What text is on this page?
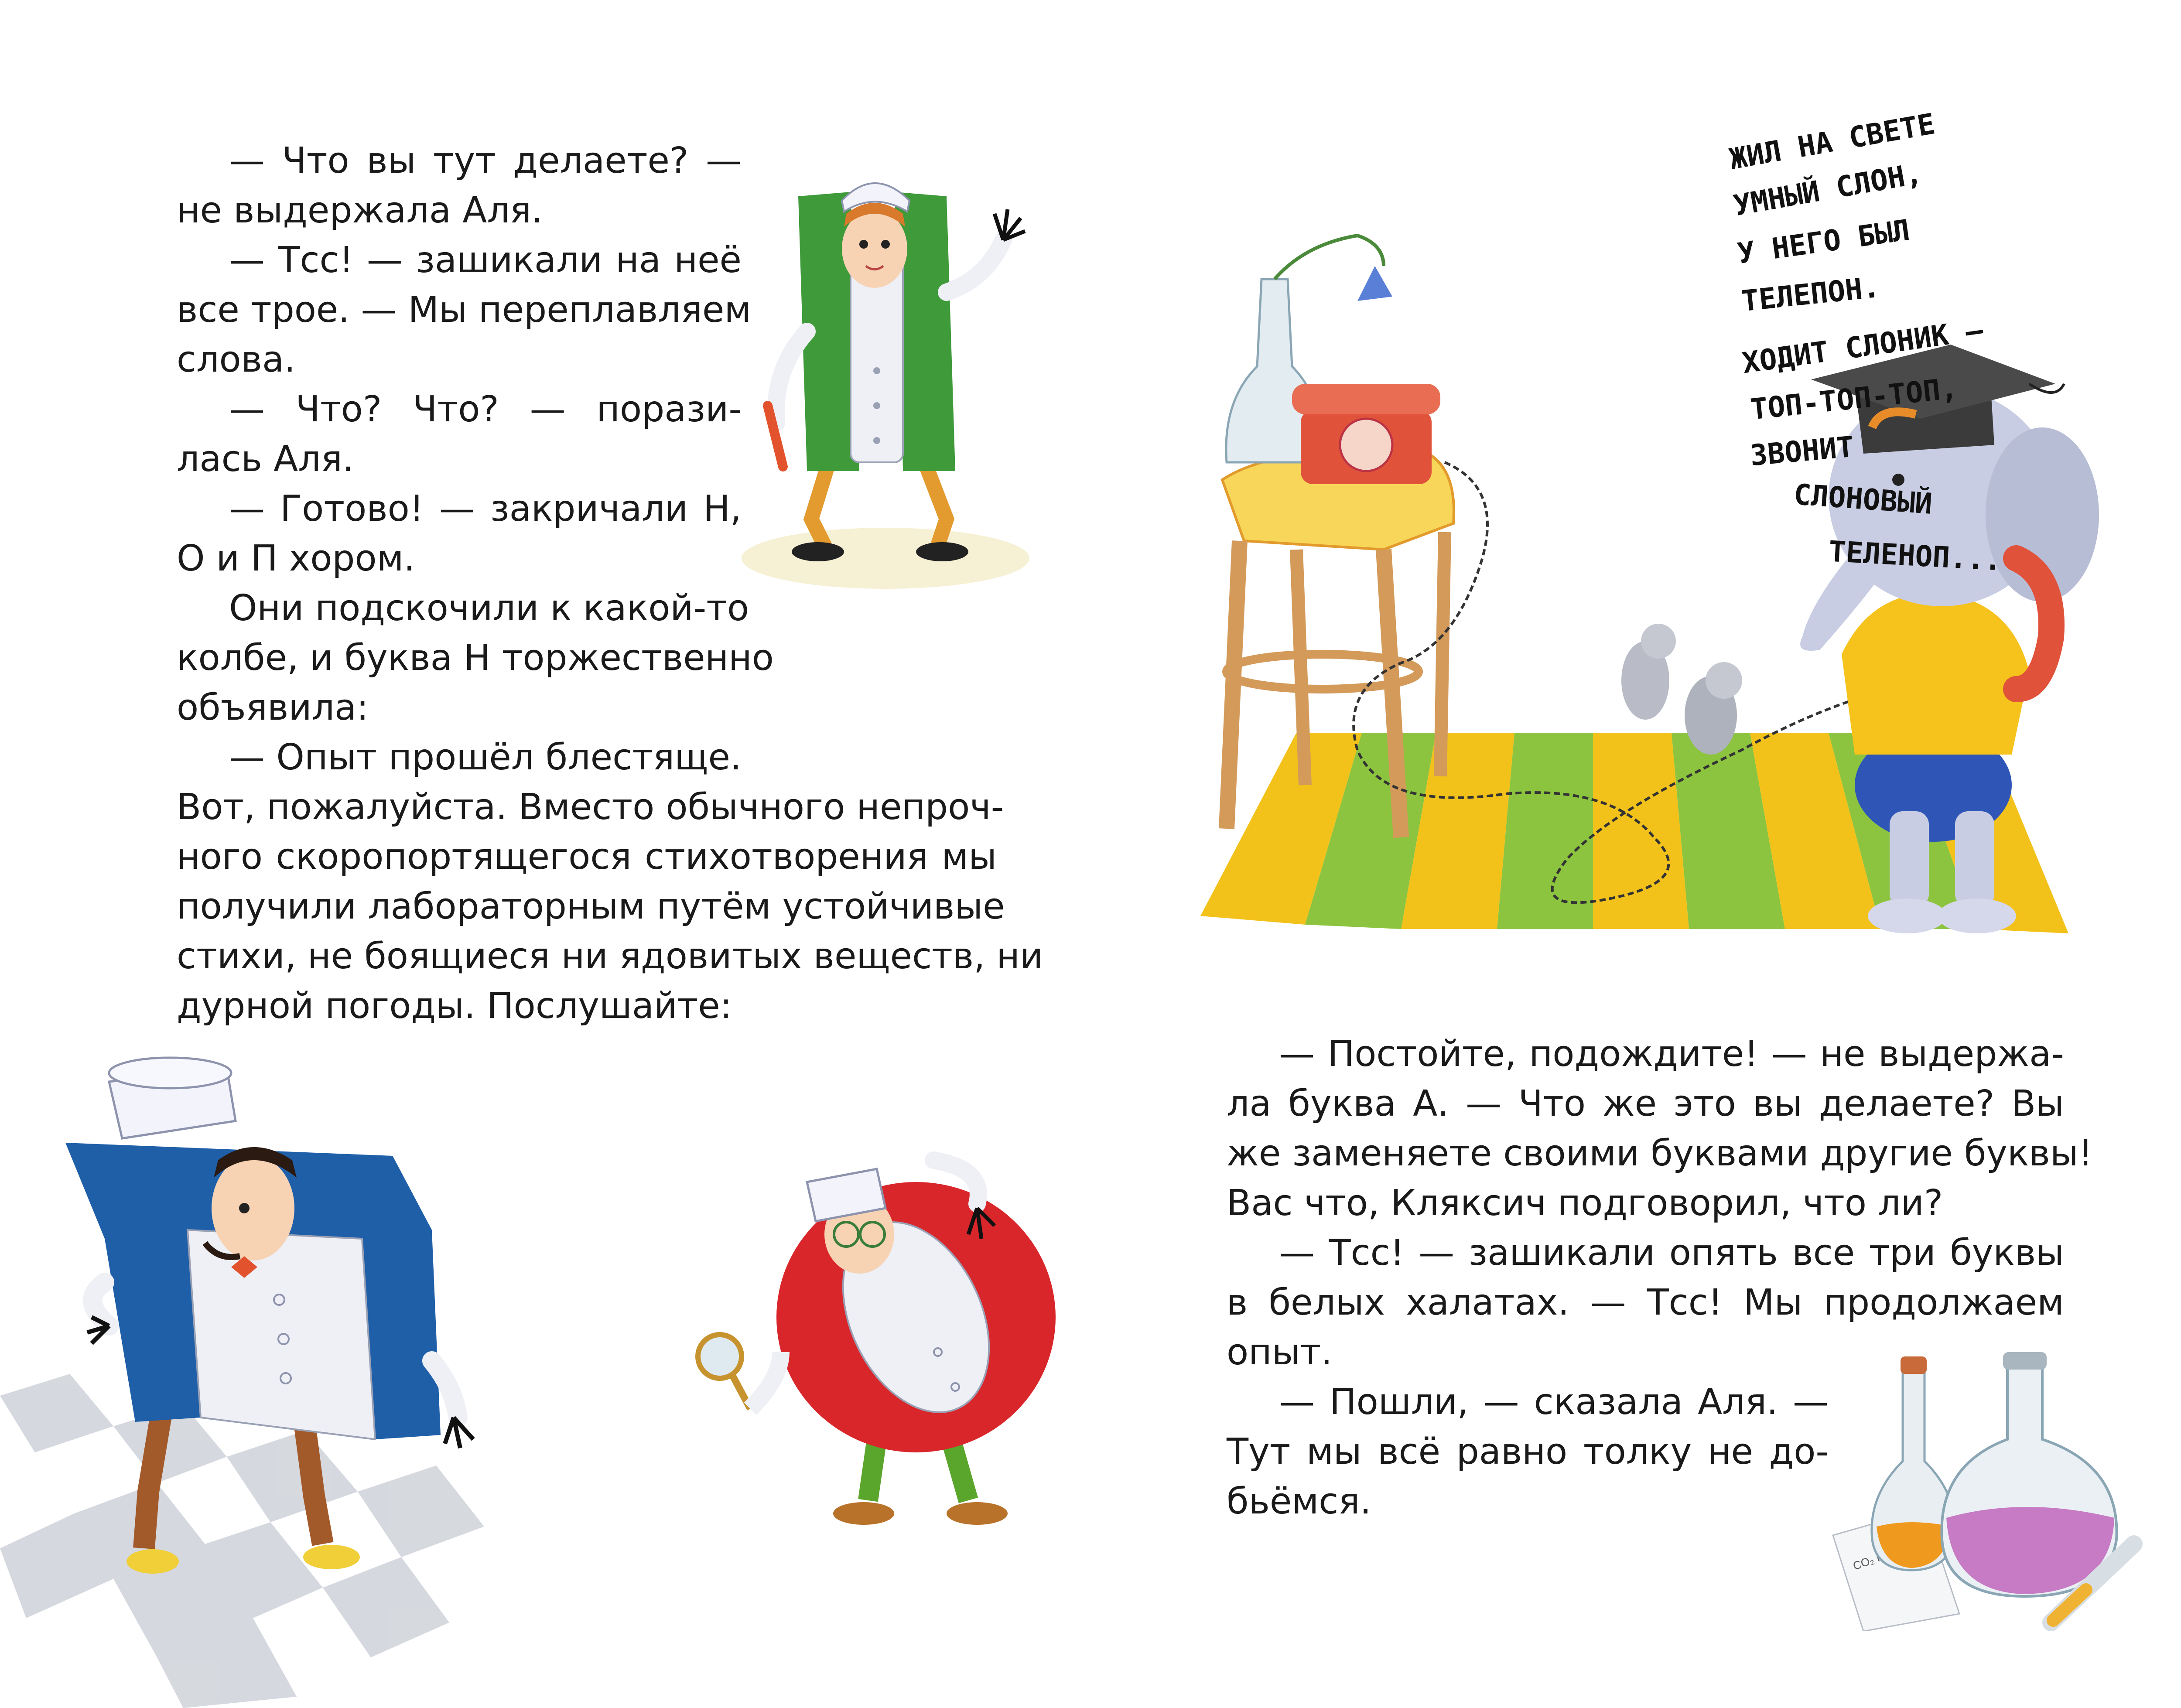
— Что вы тут делаете? —
не выдержала Аля.
— Тсс! — зашикали на неё
все трое. — Мы переплавляем
слова.
— Что? Что? — порази-
лась Аля.
— Готово! — закричали Н,
О и П хором.
Они подскочили к какой-то
колбе, и буква Н торжественно
объявила:
— Опыт прошёл блестяще.
Вот, пожалуйста. Вместо обычного непроч-
ного скоропортящегося стихотворения мы
получили лабораторным путём устойчивые
стихи, не боящиеся ни ядовитых веществ, ни
дурной погоды. Послушайте:
ЖИЛ НА СВЕТЕ
УМНЫЙ СЛОН,
У НЕГО БЫЛ
ТЕЛЕПОН.
ХОДИТ СЛОНИК —
ТОП-ТОП-ТОП,
ЗВОНИТ
СЛОНОВЫЙ
ТЕЛЕНОП...
— Постойте, подождите! — не выдержа-
ла буква А. — Что же это вы делаете? Вы
же заменяете своими буквами другие буквы!
Вас что, Кляксич подговорил, что ли?
— Тсс! — зашикали опять все три буквы
в белых халатах. — Тсс! Мы продолжаем
опыт.
— Пошли, — сказала Аля. —
Тут мы всё равно толку не до-
бьёмся.
CO₂
